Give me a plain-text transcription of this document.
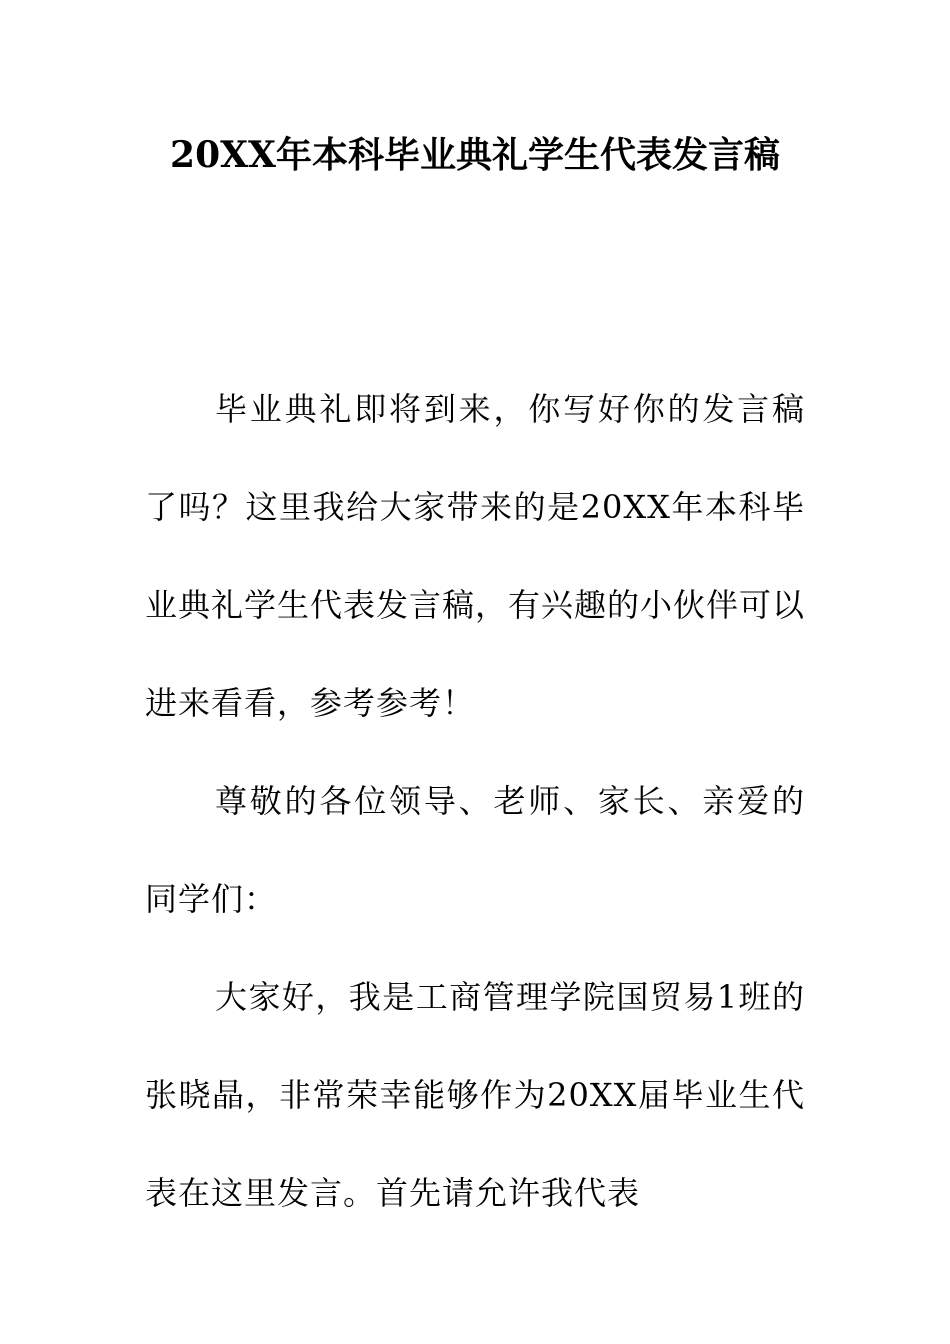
20XX年本科毕业典礼学生代表发言稿

毕业典礼即将到来，你写好你的发言稿了吗？这里我给大家带来的是20XX年本科毕业典礼学生代表发言稿，有兴趣的小伙伴可以进来看看，参考参考！

尊敬的各位领导、老师、家长、亲爱的同学们：

大家好，我是工商管理学院国贸易1班的张晓晶，非常荣幸能够作为20XX届毕业生代表在这里发言。首先请允许我代表
